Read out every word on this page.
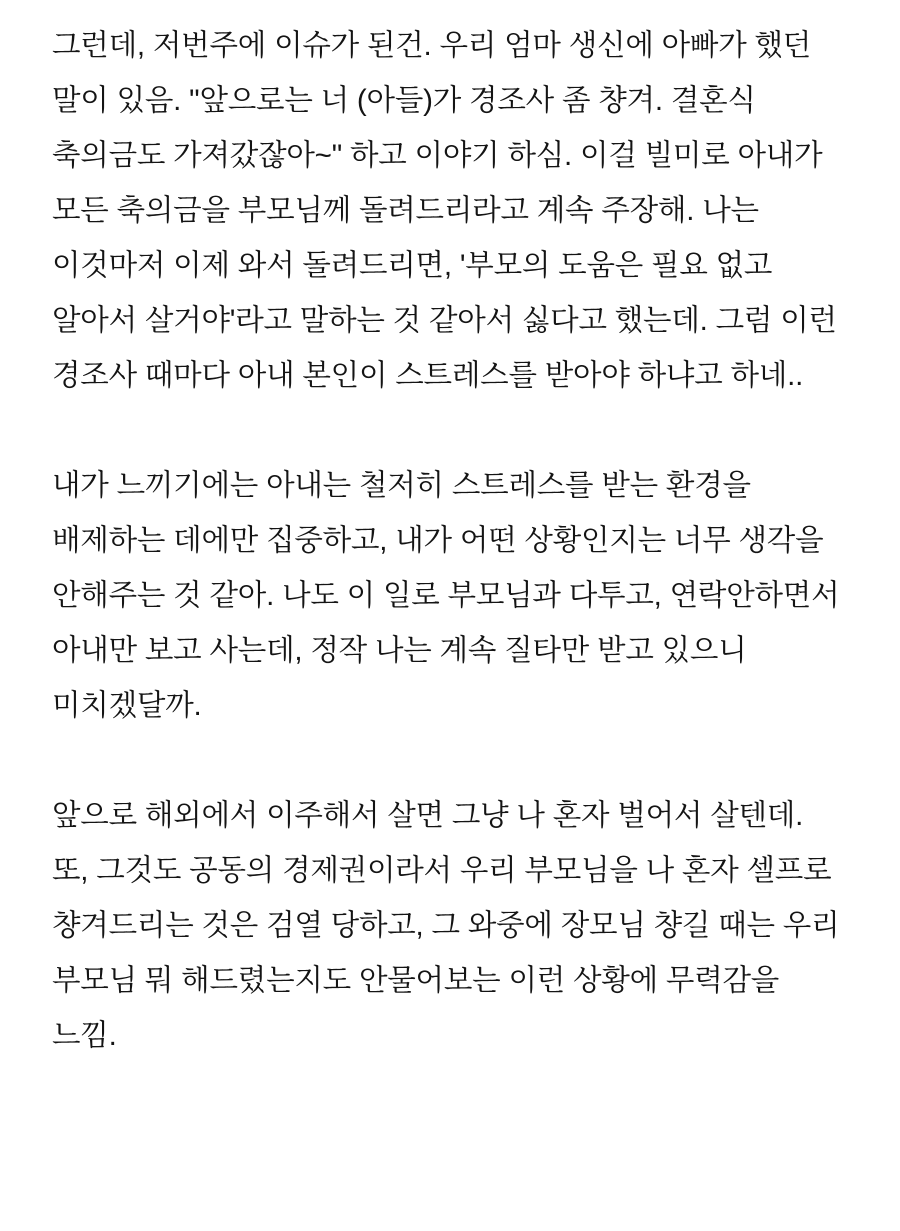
그런데, 저번주에 이슈가 된건. 우리 엄마 생신에 아빠가 했던 말이 있음. "앞으로는 너 (아들)가 경조사 좀 챵겨. 결혼식 축의금도 가져갔잖아~" 하고 이야기 하심. 이걸 빌미로 아내가 모든 축의금을 부모님께 돌려드리라고 계속 주장해. 나는 이것마저 이제 와서 돌려드리면, '부모의 도움은 필요 없고 알아서 살거야'라고 말하는 것 같아서 싫다고 했는데. 그럼 이런 경조사 때마다 아내 본인이 스트레스를 받아야 하냐고 하네..

내가 느끼기에는 아내는 철저히 스트레스를 받는 환경을 배제하는 데에만 집중하고, 내가 어떤 상황인지는 너무 생각을 안해주는 것 같아. 나도 이 일로 부모님과 다투고, 연락안하면서 아내만 보고 사는데, 정작 나는 계속 질타만 받고 있으니 미치겠달까.

앞으로 해외에서 이주해서 살면 그냥 나 혼자 벌어서 살텐데. 또, 그것도 공동의 경제권이라서 우리 부모님을 나 혼자 셀프로 챵겨드리는 것은 검열 당하고, 그 와중에 장모님 챵길 때는 우리 부모님 뭐 해드렸는지도 안물어보는 이런 상황에 무력감을 느낌.
